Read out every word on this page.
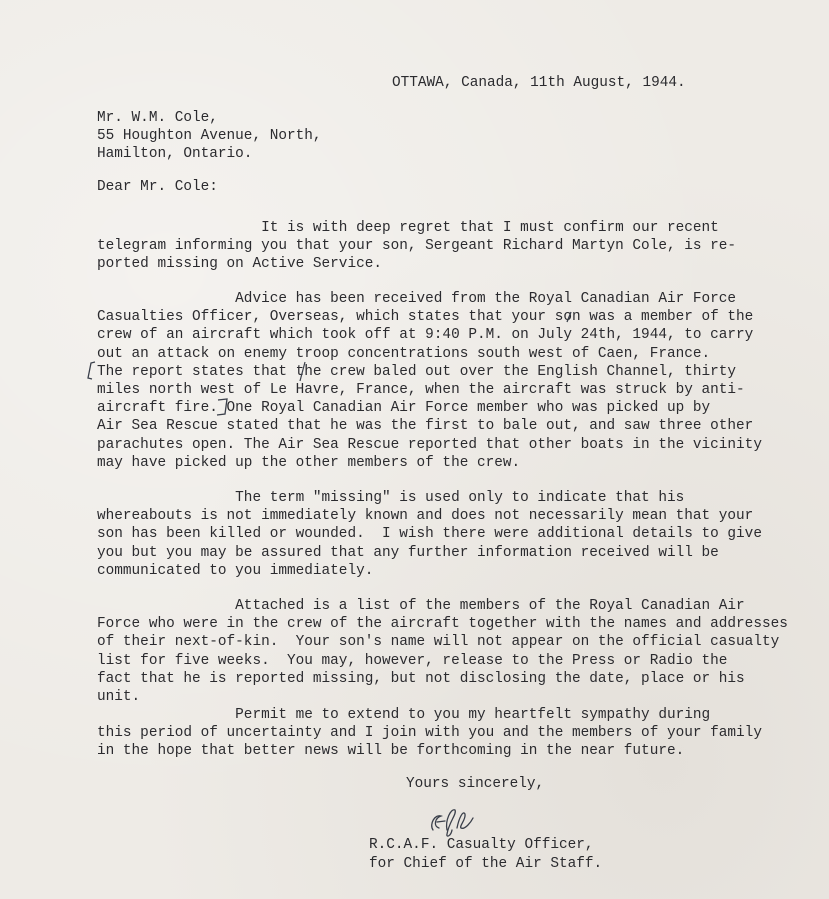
OTTAWA, Canada, 11th August, 1944.

Mr. W.M. Cole,

55 Houghton Avenue, North,

Hamilton, Ontario.

Dear Mr. Cole:

It is with deep regret that I must confirm our recent
telegram informing you that your son, Sergeant Richard Martyn Cole, is re-
ported missing on Active Service.

Advice has been received from the Royal Canadian Air Force
Casualties Officer, Overseas, which states that your son was a member of the
crew of an aircraft which took off at 9:40 P.M. on July 24th, 1944, to carry
out an attack on enemy troop concentrations south west of Caen, France.
The report states that the crew baled out over the English Channel, thirty
miles north west of Le Havre, France, when the aircraft was struck by anti-
aircraft fire. One Royal Canadian Air Force member who was picked up by
Air Sea Rescue stated that he was the first to bale out, and saw three other
parachutes open. The Air Sea Rescue reported that other boats in the vicinity
may have picked up the other members of the crew.

The term "missing" is used only to indicate that his
whereabouts is not immediately known and does not necessarily mean that your
son has been killed or wounded.  I wish there were additional details to give
you but you may be assured that any further information received will be
communicated to you immediately.

Attached is a list of the members of the Royal Canadian Air
Force who were in the crew of the aircraft together with the names and addresses
of their next-of-kin.  Your son's name will not appear on the official casualty
list for five weeks.  You may, however, release to the Press or Radio the
fact that he is reported missing, but not disclosing the date, place or his
unit.

Permit me to extend to you my heartfelt sympathy during
this period of uncertainty and I join with you and the members of your family
in the hope that better news will be forthcoming in the near future.

Yours sincerely,

R.C.A.F. Casualty Officer,

for Chief of the Air Staff.
